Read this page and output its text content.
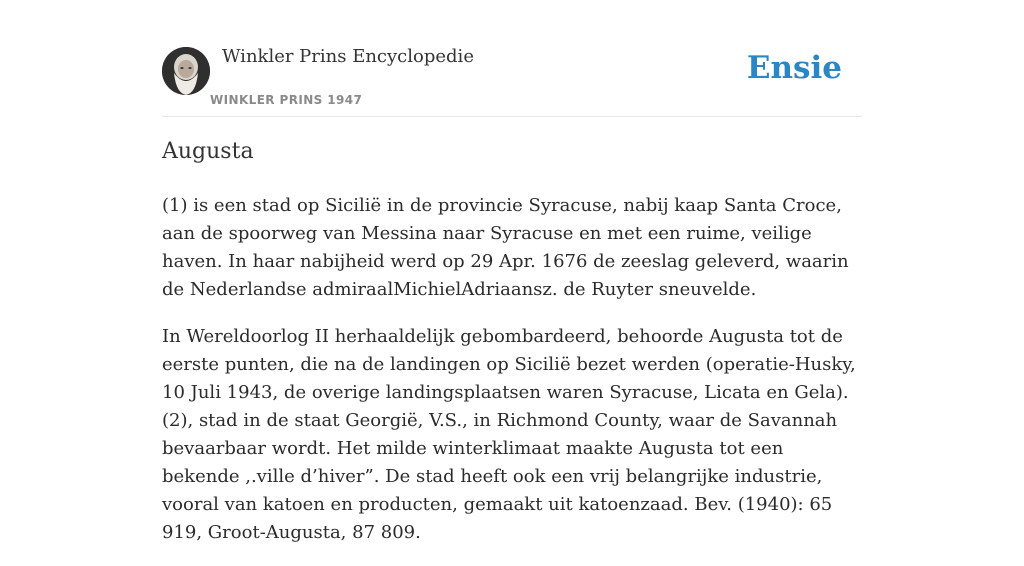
Winkler Prins Encyclopedie
WINKLER PRINS 1947
Ensie
Augusta

(1) is een stad op Sicilië in de provincie Syracuse, nabij kaap Santa Croce, aan de spoorweg van Messina naar Syracuse en met een ruime, veilige haven. In haar nabijheid werd op 29 Apr. 1676 de zeeslag geleverd, waarin de Nederlandse admiraalMichielAdriaansz. de Ruyter sneuvelde.

In Wereldoorlog II herhaaldelijk gebombardeerd, behoorde Augusta tot de eerste punten, die na de landingen op Sicilië bezet werden (operatie-Husky, 10 Juli 1943, de overige landingsplaatsen waren Syracuse, Licata en Gela).(2), stad in de staat Georgië, V.S., in Richmond County, waar de Savannah bevaarbaar wordt. Het milde winterklimaat maakte Augusta tot een bekende ,.ville d’hiver”. De stad heeft ook een vrij belangrijke industrie, vooral van katoen en producten, gemaakt uit katoenzaad. Bev. (1940): 65 919, Groot-Augusta, 87 809.
